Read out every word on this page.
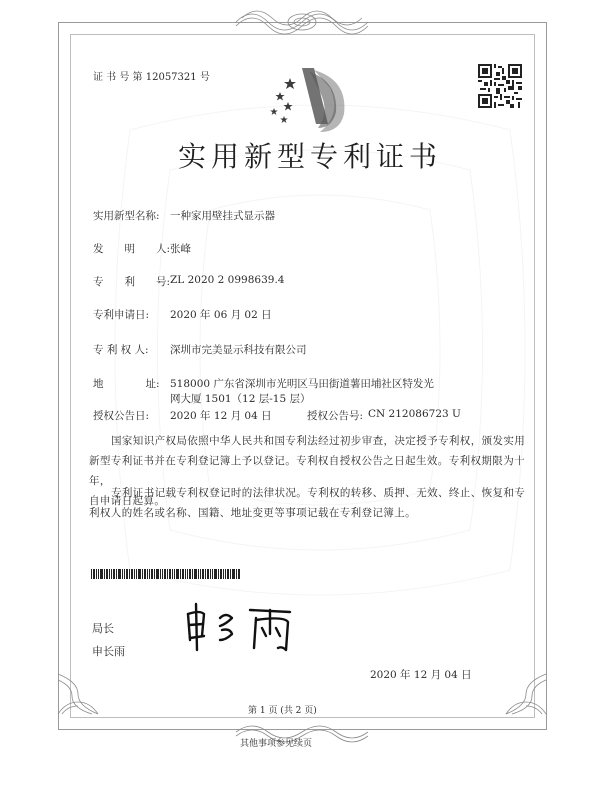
证 书 号 第 12057321 号
实用新型专利证书
实用新型名称: 一种家用壁挂式显示器
发　　明　　人: 张峰
专　　利　　号: ZL 2020 2 0998639.4
专利申请日: 2020 年 06 月 02 日
专 利 权 人: 深圳市完美显示科技有限公司
地　　　　址: 518000 广东省深圳市光明区马田街道薯田埔社区特发光
网大厦 1501（12 层-15 层）
授权公告日: 2020 年 12 月 04 日	授权公告号: CN 212086723 U
国家知识产权局依照中华人民共和国专利法经过初步审查，决定授予专利权，颁发实用
新型专利证书并在专利登记簿上予以登记。专利权自授权公告之日起生效。专利权期限为十年，
自申请日起算。
专利证书记载专利权登记时的法律状况。专利权的转移、质押、无效、终止、恢复和专
利权人的姓名或名称、国籍、地址变更等事项记载在专利登记簿上。
局长
申长雨
2020 年 12 月 04 日
第 1 页 (共 2 页)
其他事项参见续页
